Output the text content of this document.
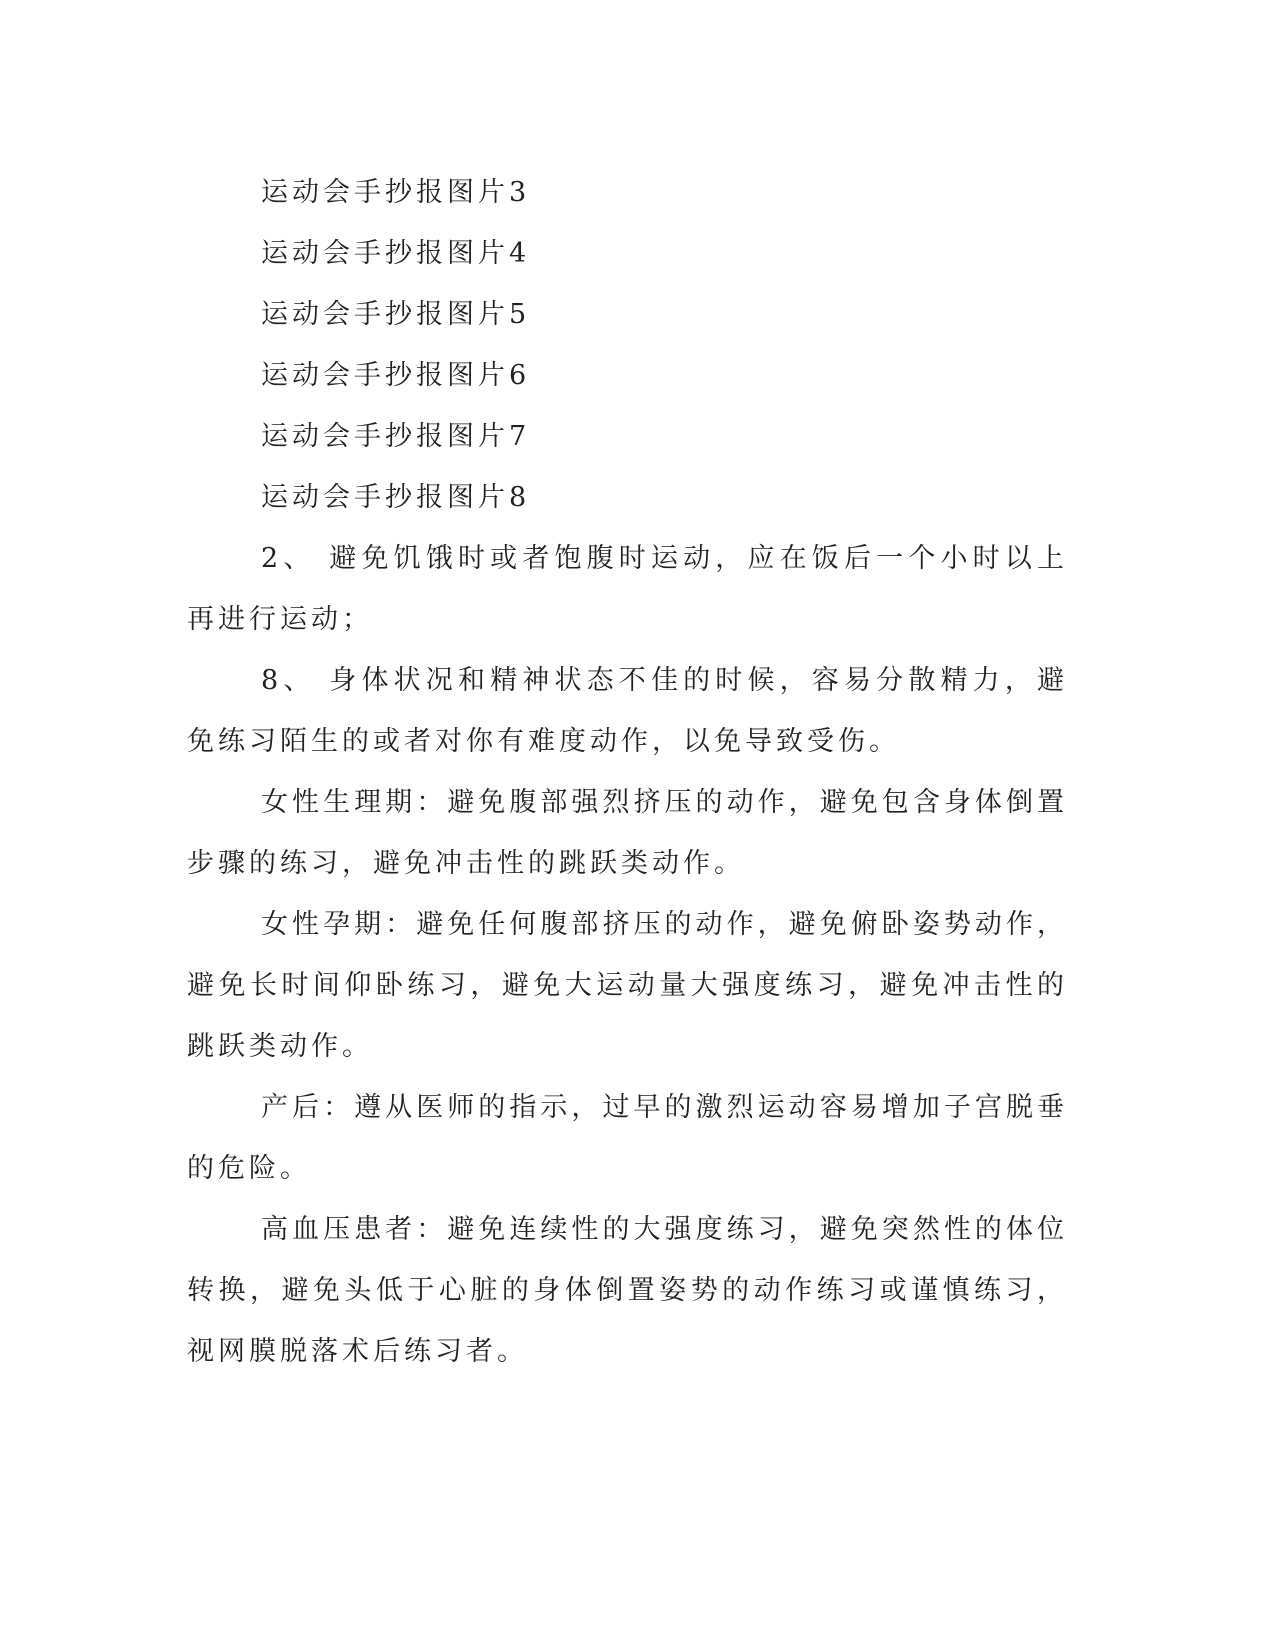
运动会手抄报图片3
运动会手抄报图片4
运动会手抄报图片5
运动会手抄报图片6
运动会手抄报图片7
运动会手抄报图片8

2、 避免饥饿时或者饱腹时运动，应在饭后一个小时以上再进行运动；

8、 身体状况和精神状态不佳的时候，容易分散精力，避免练习陌生的或者对你有难度动作，以免导致受伤。

女性生理期：避免腹部强烈挤压的动作，避免包含身体倒置步骤的练习，避免冲击性的跳跃类动作。

女性孕期：避免任何腹部挤压的动作，避免俯卧姿势动作，避免长时间仰卧练习，避免大运动量大强度练习，避免冲击性的跳跃类动作。

产后：遵从医师的指示，过早的激烈运动容易增加子宫脱垂的危险。

高血压患者：避免连续性的大强度练习，避免突然性的体位转换，避免头低于心脏的身体倒置姿势的动作练习或谨慎练习，视网膜脱落术后练习者。
